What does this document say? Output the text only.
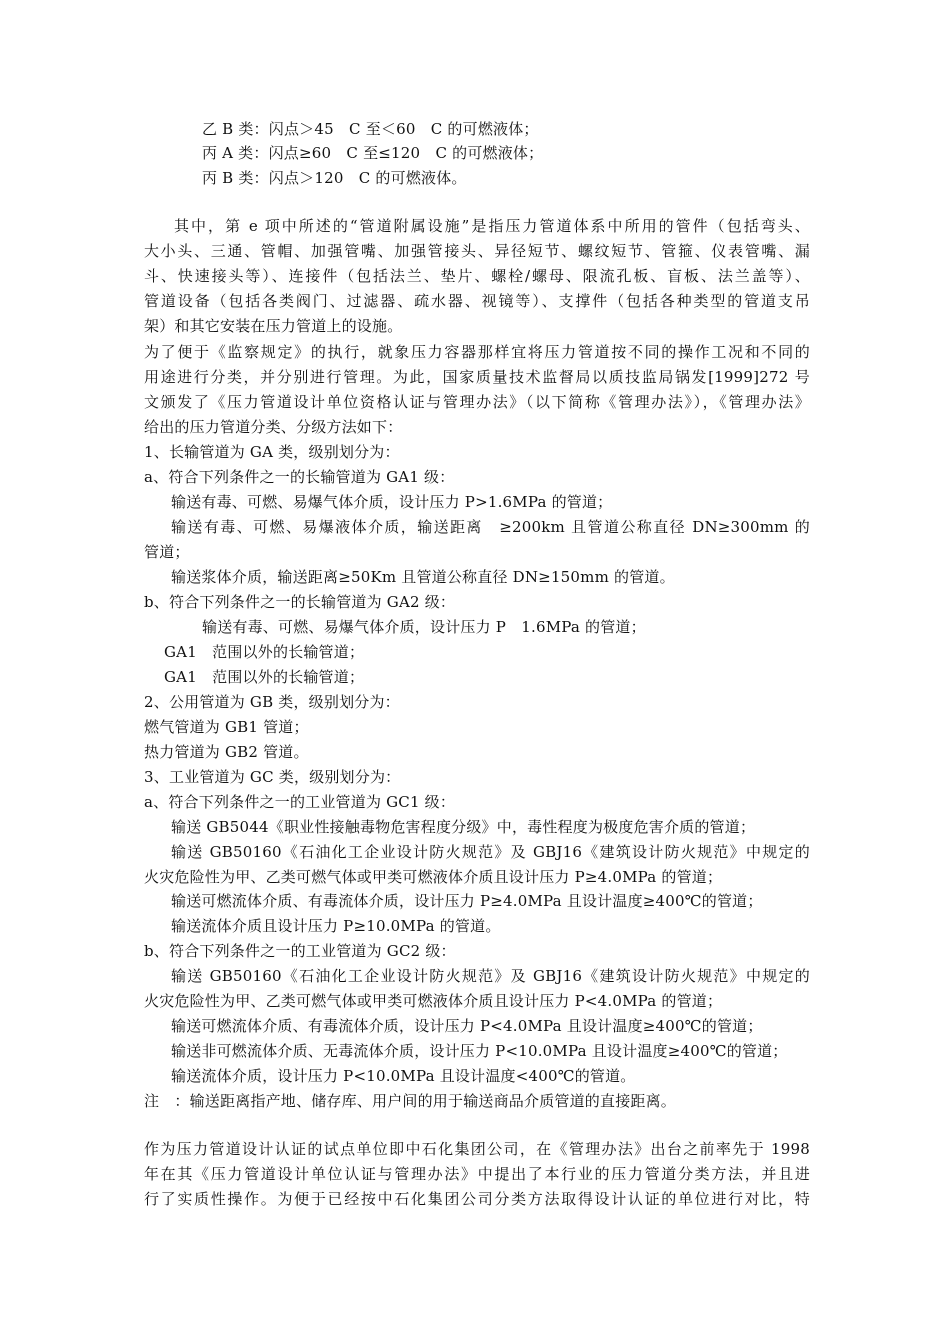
乙 B 类：闪点＞45　C 至＜60　C 的可燃液体；
丙 A 类：闪点≥60　C 至≤120　C 的可燃液体；
丙 B 类：闪点＞120　C 的可燃液体。
其中，第 e 项中所述的“管道附属设施”是指压力管道体系中所用的管件（包括弯头、
大小头、三通、管帽、加强管嘴、加强管接头、异径短节、螺纹短节、管箍、仪表管嘴、漏
斗、快速接头等）、连接件（包括法兰、垫片、螺栓/螺母、限流孔板、盲板、法兰盖等）、
管道设备（包括各类阀门、过滤器、疏水器、视镜等）、支撑件（包括各种类型的管道支吊
架）和其它安装在压力管道上的设施。
为了便于《监察规定》的执行，就象压力容器那样宜将压力管道按不同的操作工况和不同的
用途进行分类，并分别进行管理。为此，国家质量技术监督局以质技监局锅发[1999]272 号
文颁发了《压力管道设计单位资格认证与管理办法》（以下简称《管理办法》），《管理办法》
给出的压力管道分类、分级方法如下：
1、长输管道为 GA 类，级别划分为：
a、符合下列条件之一的长输管道为 GA1 级：
输送有毒、可燃、易爆气体介质，设计压力 P>1.6MPa 的管道；
输送有毒、可燃、易爆液体介质，输送距离　≥200km 且管道公称直径 DN≥300mm 的
管道；
输送浆体介质，输送距离≥50Km 且管道公称直径 DN≥150mm 的管道。
b、符合下列条件之一的长输管道为 GA2 级：
输送有毒、可燃、易爆气体介质，设计压力 P　1.6MPa 的管道；
GA1　范围以外的长输管道；
GA1　范围以外的长输管道；
2、公用管道为 GB 类，级别划分为：
燃气管道为 GB1 管道；
热力管道为 GB2 管道。
3、工业管道为 GC 类，级别划分为：
a、符合下列条件之一的工业管道为 GC1 级：
输送 GB5044《职业性接触毒物危害程度分级》中，毒性程度为极度危害介质的管道；
输送 GB50160《石油化工企业设计防火规范》及 GBJ16《建筑设计防火规范》中规定的
火灾危险性为甲、乙类可燃气体或甲类可燃液体介质且设计压力 P≥4.0MPa 的管道；
输送可燃流体介质、有毒流体介质，设计压力 P≥4.0MPa 且设计温度≥400℃的管道；
输送流体介质且设计压力 P≥10.0MPa 的管道。
b、符合下列条件之一的工业管道为 GC2 级：
输送 GB50160《石油化工企业设计防火规范》及 GBJ16《建筑设计防火规范》中规定的
火灾危险性为甲、乙类可燃气体或甲类可燃液体介质且设计压力 P<4.0MPa 的管道；
输送可燃流体介质、有毒流体介质，设计压力 P<4.0MPa 且设计温度≥400℃的管道；
输送非可燃流体介质、无毒流体介质，设计压力 P<10.0MPa 且设计温度≥400℃的管道；
输送流体介质，设计压力 P<10.0MPa 且设计温度<400℃的管道。
注　：输送距离指产地、储存库、用户间的用于输送商品介质管道的直接距离。
作为压力管道设计认证的试点单位即中石化集团公司，在《管理办法》出台之前率先于 1998
年在其《压力管道设计单位认证与管理办法》中提出了本行业的压力管道分类方法，并且进
行了实质性操作。为便于已经按中石化集团公司分类方法取得设计认证的单位进行对比，特
